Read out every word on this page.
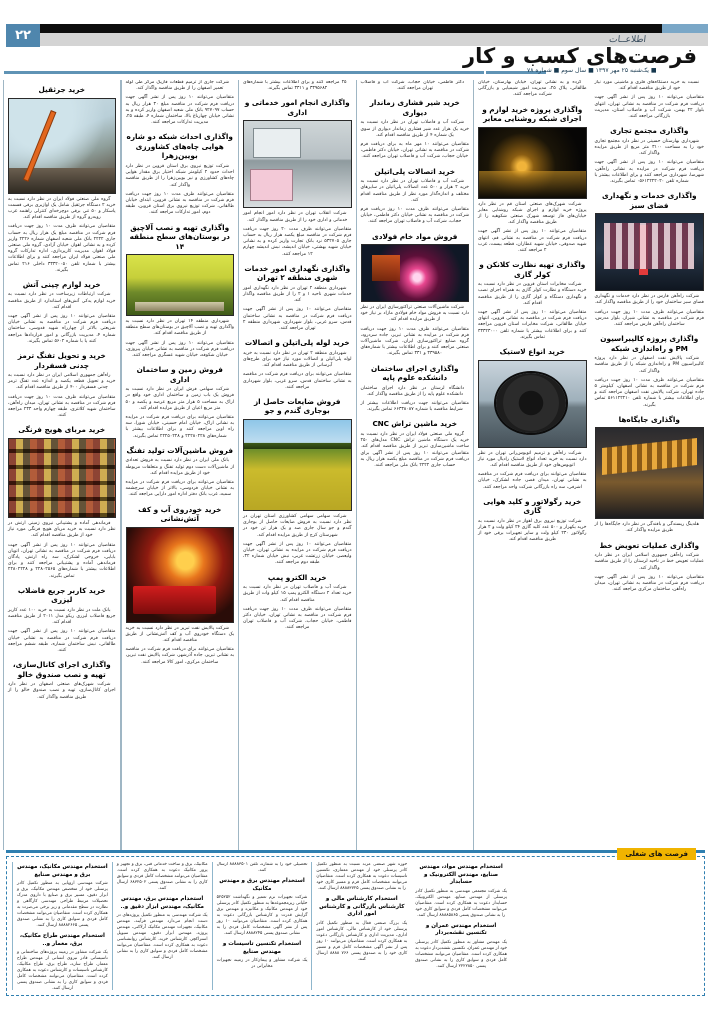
۲۲	اطلاعــات
فرصت‌های کسب و کار
■ یک‌شنبه ۲۵ مهر ۱۳۹۷ ■ سال سوم ■ شماره ۷۸
خرید جرثقیل

گروه ملی صنعتی فولاد ایران در نظر دارد نسبت به خرید ۲ دستگاه جرثقیل شامل یک اوازبری برقی قسمت پاسکار و ۵۰ تنی برقی دوچرخه‌ای کنترلی راهنمد غرب روبه‌رو گروه از طریق مناقصه اقدام کند.

متقاضیان می‌توانند ظرف مدت ۱۰ روز جهت دریافت فرم شرکت در مناقصه مبلغ یک هزار ریال به حساب جاری ۲۲۲۲ بانک ملی شعبه اصفهان شماره ۲۲۲۶ واریز کرده و به نشانی اهواز، خیابان آزادی، گروه ملی صنعتی فولاد اهواز، مدیریت کارپردازی، اداره تدارکات گروه ملی صنعتی فولاد ایران مراجعه کنند و برای اطلاعات بیشتر با شماره تلفن ۳۳۳۲۰۰۵۰ داخلی ۲۱۶ تماس بگیرند.

خرید لوازم چینی آتش

شرکت ارتباطات زیرساخت در نظر دارد نسبت به خرید لوازم یدکی آتش‌های استاندارد از طریق مناقصه اقدام کند.

متقاضیان می‌توانند ۱۰ روز پس از نشر آگهی جهت دریافت فرم شرکت در مناقصه به نشانی خیابان شریعتی بالاتر از چهارراه شهید قدوسی، ساختمان شماره ۴، مدیریت بازرگانی و امور قراردادها مراجعه کنند یا با شماره ۵۶۰۲ تماس بگیرند.

خرید و تحویل تفنگ ترمز چدنی فسفردار

راه‌آهن جمهوری اسلامی ایران در نظر دارد نسبت به خرید و تحویل قطعه یکصد و اندازه عدد تفنگ ترمز چدنی فسفردار ۴۰۰ از طریق مناقصه اقدام کند.

متقاضیان می‌توانند ظرف مدت ۱۰ روز جهت دریافت فرم شرکت در مناقصه به نشانی تهران، میدان راه‌آهن، ساختمان شهید کلانتری، طبقه چهارم واحد ۲۳۳ مراجعه کنند.

خرید مربای هویج فرنگی

فرماندهی آماده و پشتیبانی نیروی زمینی ارتش در نظر دارد نسبت به خرید مربای هویج فرنگی مورد نیاز خود از طریق مناقصه اقدام کند.

متقاضیان می‌توانند ۱۰ روز پس از نشر آگهی جهت دریافت فرم شرکت در مناقصه به نشانی تهران، اتوبان بابایی، خروجی لشکرک، سه راه ارتش، پادگان فرماندهی آماده و پشتیبانی مراجعه کنند و برای اطلاعات بیشتر با شماره‌های ۲۲۸۰۲۵۶۵ و ۲۲۸۰۲۲۲۸ تماس بگیرند.

خرید کاربر جریع فاضلاب لیزری

بانک ملت در نظر دارد نسبت به خرید ۱۰۰ عدد کاربر جریع فاضلاب لیزری ریکو مدل ۲۰۱۱ از طریق مناقصه اقدام کند.

متقاضیان می‌توانند ۱۰ روز پس از نشر آگهی جهت دریافت فرم شرکت در مناقصه به نشانی خیابان طالقانی، نبش ساختمان شماره، طبقه ششم مراجعه کنند.

واگذاری اجرای کانال‌سازی، تهیه و نصب صندوق خالو

شرکت شهرک‌های صنعتی اصفهان در نظر دارد اجرای کانال‌سازی، تهیه و نصب صندوق خالو را از طریق مناقصه واگذار کند.

شرکت جاری از ترمیم قطعات فازیک مرکز طی لوله تعمیر اصفهان را از طریق مناقصه واگذار کند.

متقاضیان می‌توانند ۱۰ روز پس از نشر آگهی جهت دریافت فرم شرکت در مناقصه مبلغ ۳۰ هزار ریال به حساب ۹۲۷۰۹۷ بانک ملی شعبه اصفهان واریز کرده و به نشانی خیابان چهارباغ بالا، ساختمان شماره ۴، طبقه ۲۵، مدیریت تدارکات مراجعه کنند.

واگذاری احداث شبکه دو شاره هوایی چاه‌های کشاورزی بویین‌زهرا

شرکت توزیع نیروی برق استان قزوین در نظر دارد احداث حدود ۲ کیلومتر شبکه اختیار برق مقدار هوایی چاه‌های کشاورزی و نیز بویین‌زهرا را از طریق مناقصه واگذار کند.

متقاضیان می‌توانند ظرف مدت ۱۰ روز جهت دریافت فرم شرکت در مناقصه به نشانی قزوین، ابتدای خیابان طالقانی، شرکت توزیع نیروی برق استان قزوین، طبقه دوم، امور تدارکات مراجعه کنند.

واگذاری تهیه و نصب آلاچیق در بوستان‌های سطح منطقه ۱۴

شهرداری منطقه ۱۴ تهران در نظر دارد نسبت به واگذاری تهیه و نصب آلاچیق در بوستان‌های سطح منطقه از طریق مناقصه اقدام کند.

متقاضیان می‌توانند ۱۰ روز پس از نشر آگهی جهت دریافت فرم شرکت در مناقصه به نشانی خیابان پیروزی، خیابان شکوفه، خیابان شهید عسگری مراجعه کنند.

فروش زمین و ساختمان اداری

شرکت سهامی فرش ایران در نظر دارد نسبت به فروش یک باب زمین و ساختمان اداری خود واقع در اراک به مساحت ۵ هزار متر مربع عرصه و یکصد و ۵۰ متر مربع اعیان از طریق مزایده اقدام کند.

متقاضیان می‌توانند برای دریافت فرم شرکت در مزایده به نشانی اراک، خیابان امام حسینی، خیابان شورا، سه راه اوین مراجعه کنند و برای اطلاعات بیشتر با شماره‌های ۲۲۲۸۰۲۲۸ و ۲۲۲۵۰۲۲۸ تماس بگیرند.

فروش ماشین‌آلات تولید تفنگ

بانک ملی ایران در نظر دارد نسبت به فروش تعدادی از ماشین‌آلات دست دوم تولید تفنگ و متعلقات مربوطه خود از طریق مزایده اقدام کند.

متقاضیان می‌توانند برای دریافت فرم شرکت در مزایده به نشانی خیابان فردوسی، بالاتر از خیابان سرچشمه سمیه، غرب بانک دفتر اداره امور دارایی مراجعه کنند.

خرید خودروی آب و کف آتش‌نشانی

شرکت پالایش نفت تبریز در نظر دارد نسبت به خرید یک دستگاه خودروی آب و کف آتش‌نشانی از طریق مناقصه اقدام کند.

متقاضیان می‌توانند برای دریافت فرم شرکت در مناقصه به نشانی تبریز، جاده آذرشهر، شرکت پالایش نفت تبریز، ساختمان مرکزی، امور کالا مراجعه کنند.

۲۵ مراجعه کنند و برای اطلاعات بیشتر با شماره‌های ۳۳۹۵۶۸۲ و ۳۳۱۱ تماس بگیرند.

واگذاری انجام امور خدماتی و اداری

شرکت انقلاب تهران در نظر دارد امور انجام امور خدماتی و اداری خود را از طریق مناقصه واگذار کند.

متقاضیان می‌توانند ظرف مدت ۲۰ روز جهت دریافت فرم شرکت در مناقصه مبلغ یکصد هزار ریال به حساب جاری ۵۳۲۷۰۵ نزد بانک تجارت واریز کرده و به نشانی خیابان شهید بهشتی، خیابان اندیشه، نبش اندیشه چهارم ۱۲ مراجعه کنند.

واگذاری نگهداری امور خدمات شهری منطقه ۲ تهران

شهرداری منطقه ۲ تهران در نظر دارد نگهداری امور خدمات شهری ناحیه ۱ و ۲ را از طریق مناقصه واگذار کند.

متقاضیان می‌توانند ۱۰ روز پس از نشر آگهی جهت دریافت فرم شرکت در مناقصه به نشانی ساختمان قدس، سرو غربی، بلوار شهرداری، شهرداری منطقه ۲ تهران مراجعه کنند.

خرید لوله پلی‌اتیلن و اتصالات

شهرداری منطقه ۲ تهران در نظر دارد نسبت به خرید لوله پلی‌اتیلن و اتصالات مورد نیاز خود برای طرح‌های آبرسانی از طریق مناقصه اقدام کند.

متقاضیان می‌توانند برای دریافت فرم شرکت در مناقصه به نشانی ساختمان قدس، سرو غربی، بلوار شهرداری مراجعه کنند.

فروش ضایعات حاصل از بوجاری گندم و جو

شرکت سهامی سهامی کشاورزی استان تهران در نظر دارد نسبت به فروش ضایعات حاصل از بوجاری گندم و جو سال جاری صد و یک هزار تن خود در شهرستان کرج از طریق مزایده اقدام کند.

متقاضیان می‌توانند ۱۰ روز پس از نشر آگهی جهت دریافت فرم شرکت در مزایده به نشانی تهران، خیابان ولیعصر، خیابان زرتشت غربی، نبش خیابان شماره ۳۲، طبقه دوم مراجعه کنند.

خرید الکترو پمپ

شرکت آب و فاضلاب تهران در نظر دارد نسبت به خرید تعداد ۲ دستگاه الکترو پمپ ۱۵ کیلو وات از طریق مناقصه اقدام کند.

متقاضیان می‌توانند ظرف مدت ۱۰ روز جهت دریافت فرم شرکت در مناقصه به نشانی تهران، خیابان دکتر فاطمی، خیابان حجاب، شرکت آب و فاضلاب تهران مراجعه کنند.

دکتر فاطمی، خیابان حجاب، شرکت آب و فاضلاب تهران مراجعه کنند.

خرید شیر فشاری زماندار دیواری

شرکت آب و فاضلاب تهران در نظر دارد نسبت به خرید یک هزار عدد شیر فشاری زماندار دیواری از سوی یک شماره ۴ از طریق مناقصه اقدام کند.

متقاضیان می‌توانند ۱۰ مهر ماه به برای دریافت فرم شرکت در مناقصه به نشانی تهران، خیابان دکتر فاطمی، خیابان حجاب، شرکت آب و فاضلاب تهران مراجعه کنند.

خرید اتصالات پلی‌اتیلن

شرکت آب و فاضلاب تهران در نظر دارد نسبت به خرید ۲ هزار و ۵۰۰ عدد اتصالات پلی‌اتیلن در سایزهای مختلف و اندازه‌گذار مورد نظر از طریق مناقصه اقدام کند.

متقاضیان می‌توانند ظرف مدت ۱۰ روز دریافت فرم شرکت در مناقصه به نشانی خیابان دکتر فاطمی، خیابان حجاب، شرکت آب و فاضلاب تهران مراجعه کنند.

فروش مواد خام فولادی

شرکت ماشین‌آلات صنعتی تراکتورسازی ایران در نظر دارد نسبت به فروش مواد خام فولادی مازاد بر نیاز خود از طریق مزایده اقدام کند.

متقاضیان می‌توانند ظرف مدت ۱۰ روز جهت دریافت فرم شرکت در مزایده به نشانی تبریز، جاده سردرود، گروه صنایع تراکتورسازی ایران، شرکت ماشین‌آلات صنعتی مراجعه کنند و برای اطلاعات بیشتر با شماره‌های ۳۳۹۵۸۰ و ۳۳۱ تماس بگیرند.

واگذاری اجرای ساختمان دانشکده علوم پایه

دانشگاه لرستان در نظر دارد اجرای ساختمان دانشکده علوم پایه را از طریق مناقصه واگذار کند.

متقاضیان می‌توانند جهت دریافت اطلاعات بیشتر از شرایط مناقصه با شماره ۶۶۳۳۸۰۸۷ تماس بگیرند.

خرید ماشین تراش CNC

گروه ملی صنعتی فولاد ایران در نظر دارد نسبت به خرید یک دستگاه ماشین تراش CNC مدل‌های ۲۵۰ ساخت ماشین‌سازی تبریز از طریق مناقصه اقدام کند. متقاضیان می‌توانند ۱۰ روز پس از نشر آگهی برای دریافت فرم شرکت در مناقصه مبلغ یکصد هزار ریال به حساب جاری ۲۲۲۲ بانک ملی مراجعه کنند.

کرده و به نشانی تهران، خیابان بهارستان، خیابان طالقانی، پلاک ۲۵، مدیریت امور شیمیایی و بازرگانی شرکت مراجعه کنند.

واگذاری پروژه خرید لوازم و اجرای شبکه روشنایی معابر

شرکت شهرک‌های صنعتی استان قم در نظر دارد پروژه خرید لوازم و اجرای شبکه روشنایی معابر خیابان‌های فاز توسعه شهرک صنعتی شکوهیه را از طریق مناقصه واگذار کند.

متقاضیان می‌توانند ۱۰ روز پس از نشر آگهی جهت دریافت فرم شرکت در مناقصه به نشانی قم، انتهای شهید صدوقی، خیابان شهید عطاران، قطعه بیست، غرب ۲ مراجعه کنند.

واگذاری تهیه نظارت کلانکن و کولر گازی

شرکت مخابرات استان قزوین در نظر دارد نسبت به خرید دستگاه و نظارت کولر گازی به همراه اجرای نصب و نگهداری دستگاه و کولر گازی را از طریق مناقصه اقدام کند.

متقاضیان می‌توانند ۱۰ روز پس از نشر آگهی جهت دریافت فرم شرکت در مناقصه به نشانی قزوین، انتهای خیابان طالقانی، شرکت مخابرات استان قزوین مراجعه کنند و برای اطلاعات بیشتر با شماره تلفن ۳۳۳۲۳۰۰۰ تماس بگیرند.

خرید انواع لاستیک

شرکت راه‌آهن و ترمیم اتوبوس‌رانی تهران در نظر دارد نسبت به خرید تعداد انواع لاستیک رادیال مورد نیاز اتوبوس‌های خود از طریق مناقصه اقدام کند.

متقاضیان می‌توانند برای دریافت فرم شرکت در مناقصه به نشانی تهران، میدان قصر، جاده لشکرک، خیابان اشرفی، سه راه بازرگانی شرکت واحد مراجعه کنند.

خرید رگولاتور و کلید هوایی گازی

شرکت توزیع نیروی برق اهواز در نظر دارد نسبت به خرید یکهزار و ۵۰۰ عدد کلید گازی ۲۴ کیلو ولت و ۲ هزار رگولاتور ۲۳۰ کیلو ولت و سایر تجهیزات برقی خود از طریق مناقصه اقدام کند.

نسبت به خرید دستگاه‌های فلزی و ماشینی مورد نیاز خود از طریق مناقصه اقدام کند.

متقاضیان می‌توانند ۱۰ روز پس از نشر آگهی جهت دریافت فرم شرکت در مناقصه به نشانی تهران، انتهای بلوار ۲۲ بهمن، شرکت آب و فاضلاب استان، مدیریت بازرگانی مراجعه کنند.

واگذاری مجتمع تجاری

شهرداری بهارستان حسینی در نظر دارد مجتمع تجاری خود را به مساحت ۳۱۰۰ متر مربع از طریق مزایده واگذار کند.

متقاضیان می‌توانند ۱۰ روز پس از نشر آگهی جهت دریافت فرم شرکت در مزایده به نشانی راه‌آهن، شهرضا، شهرداری مراجعه کنند و برای اطلاعات بیشتر با شماره تلفن ۰۵۶۱۲۲۲۲۰۲۰ تماس بگیرند.

واگذاری خدمات و نگهداری فضای سبز

شرکت راه‌آهن فارس در نظر دارد خدمات و نگهداری فضای سبز ساختمان خود را از طریق مناقصه واگذار کند.

متقاضیان می‌توانند ظرف مدت ۱۰ روز جهت دریافت فرم شرکت در مناقصه به نشانی شیراز، بلوار مدرس، ساختمان راه‌آهن فارس مراجعه کنند.

واگذاری پروژه کالیبراسیون PM و راه‌اندازی شبکه

شرکت پالایش نفت اصفهان در نظر دارد پروژه کالیبراسیون PM و راه‌اندازی شبکه را از طریق مناقصه واگذار کند.

متقاضیان می‌توانند ظرف مدت ۱۰ روز جهت دریافت فرم شرکت در مناقصه به نشانی اصفهان، کیلومتر ۵ جاده تهران، شرکت پالایش نفت اصفهان مراجعه کنند و برای اطلاعات بیشتر با شماره تلفن ۵۶۱۱۲۲۲۱۰ تماس بگیرند.

واگذاری جایگاه‌ها

هلدینگ ریسندگی و بافندگی در نظر دارد جایگاه‌ها را از طریق مزایده واگذار کند.

واگذاری عملیات تعویض خط

شرکت راه‌آهن جمهوری اسلامی ایران در نظر دارد عملیات تعویض خط در ناحیه لرستان را از طریق مناقصه واگذار کند.

متقاضیان می‌توانند ۱۰ روز پس از نشر آگهی جهت دریافت فرم شرکت در مناقصه به نشانی تهران، میدان راه‌آهن، ساختمان مرکزی مراجعه کنند.

فرصت های شغلی
استخدام مهندس مکانیک، مهندس برق و مهندس صنایع

شرکت مهندسی اروپایی به منظور تکمیل کادر پرسنلی خود از متخصص مهندس مکانیک، برق و ابزار دقیق، مسیر برق و صنایع با داروی مدرک تحصیلات مرتبط طراحی مهندسی کارگاهی و نظارت در سطح مقدماتی و زیر برخی می‌صرت به همکاری کرده است. متقاضیان می‌توانند مشخصات کامل فردی و سوابق کاری را به نشانی صندوق پستی ۸۸۸۸۲۶۶۵ ارسال کنند.

استخدام مهندس طراح مکانیک، برق، معمار و..

یک شرکت مشاور در زمینه پروژه‌های ساختمانی و تاسیساتی قادر نیروی انسانی از مهندس طراح معمار، طراح سازه، طراح برق، طراح مکانیک، کارشناس تاسیسات و کارشناس دعوت به همکاری کرده است. متقاضیان می‌توانند مشخصات کامل فردی و سوابق کاری را به نشانی صندوق پستی ارسال کنند.

مکانیک، برق و ساخت خدماتی فنی، برق و تجهیز و پرور مکانیک دعوت به همکاری کرده است. متقاضیان می‌توانند مشخصات کامل فردی و سوابق کاری را به نشانی صندوق پستی ۶۸۳۲۵۰۲ ارسال کنند.

استخدام مهندس برق، مهندس مکانیک، مهندس ابزار دقیق و..

یک شرکت مهندسی به منظور تکمیل پروژه‌های در دست انجام می‌دارد مهندس فرآیند، مهندس مکانیک، تجهیزات مهندس مکانیک آر‌لاکنی، مهندس پروژه، مهندس ابزار دقیق، مهندس سیویل استراکچر، کارشناس خرید، کارشناس روانشناسی دعوت به همکاری کرده است. متقاضیان می‌توانند مشخصات کامل فردی و سوابق کاری را به نشانی ارسال کنند.

تحصیلی خود را به شماره، تلفن ۸۸۸۸۳۵۰۱ ارسال کنند.

استخدام مهندس برق و مهندس مکانیک

شرکت تجهیزات نرم تعمیر و نگهداشت ۵۲۵۲۵۲ حلیاتی زیرمجموعه‌ها به منظور تکمیل کادر پرسنلی خود از مهندس مکانیک و مکانیزه و مهندس برق گرایش قدرت و کارشناس بازرگانی دعوت به همکاری کرده است. متقاضیان می‌توانند ۱۰ روز پس از نشر آگهی مشخصات کامل فردی را به نشانی صندوق پستی ۸۸۸۸۲۴۵ ارسال کنند.

استخدام تکنسین تاسیسات و مهندس صنایع

یک شرکت مشاور و پیمان‌کار در زمینه تجهیزات مخابراتی در

حوزه شهر صنعتی مرند نسبت به منظور تکمیل کادر پرسنلی خود از مهندس معماری، تکنسین تاسیسات دعوت به همکاری کرده است. متقاضیان می‌توانند مشخصات کامل فرم و مسیر کاری خود را به نشانی صندوق پستی ۸۸۸۸۳۷۲۵ ارسال کنند.

استخدام کارشناس مالی و کارشناس بازرگانی و کارشناس امور اداری

یک بزرگ صنعتی فعال به منظور تکمیل کادر پرسنلی خود از کارشناس مالی، کارشناس امور اداری، مدیریت اداری و کارشناس بازرگانی دعوت به همکاری کرده است. متقاضیان می‌توانند ۱۰ روز پس از نشر آگهی مشخصات کامل فرم و مسیر کاری خود را به صندوق پستی ۷۶۶ ۸۸۸۸ ارسال کنند.

استخدام مهندس مواد، مهندس صنایع، مهندس الکترونیک و حسابدار

یک شرکت مجتمعی مهندسی به منظور تکمیل کادر پرسنلی از مهندس صنایع، مهندس الکترونیک، حسابدار دعوت به همکاری کرده است. متقاضیان می‌توانند مشخصات کامل فردی و سوابق کاری خود را به نشانی صندوق پستی ۸۸۸۸۵۸۶۵ ارسال کنند.

استخدام مهندس عمران و تکنسین نقشه‌بردار

یک مهندس مشاور به منظور تکمیل کادر پرسنلی خود از مهندس عمران، تکنسین نقشه‌بردار دعوت به همکاری کرده است. متقاضیان می‌توانند مشخصات کامل فردی و سوابق کاری را به نشانی صندوق پستی ۲۲۲۲۸۵۰ ارسال کنند.
